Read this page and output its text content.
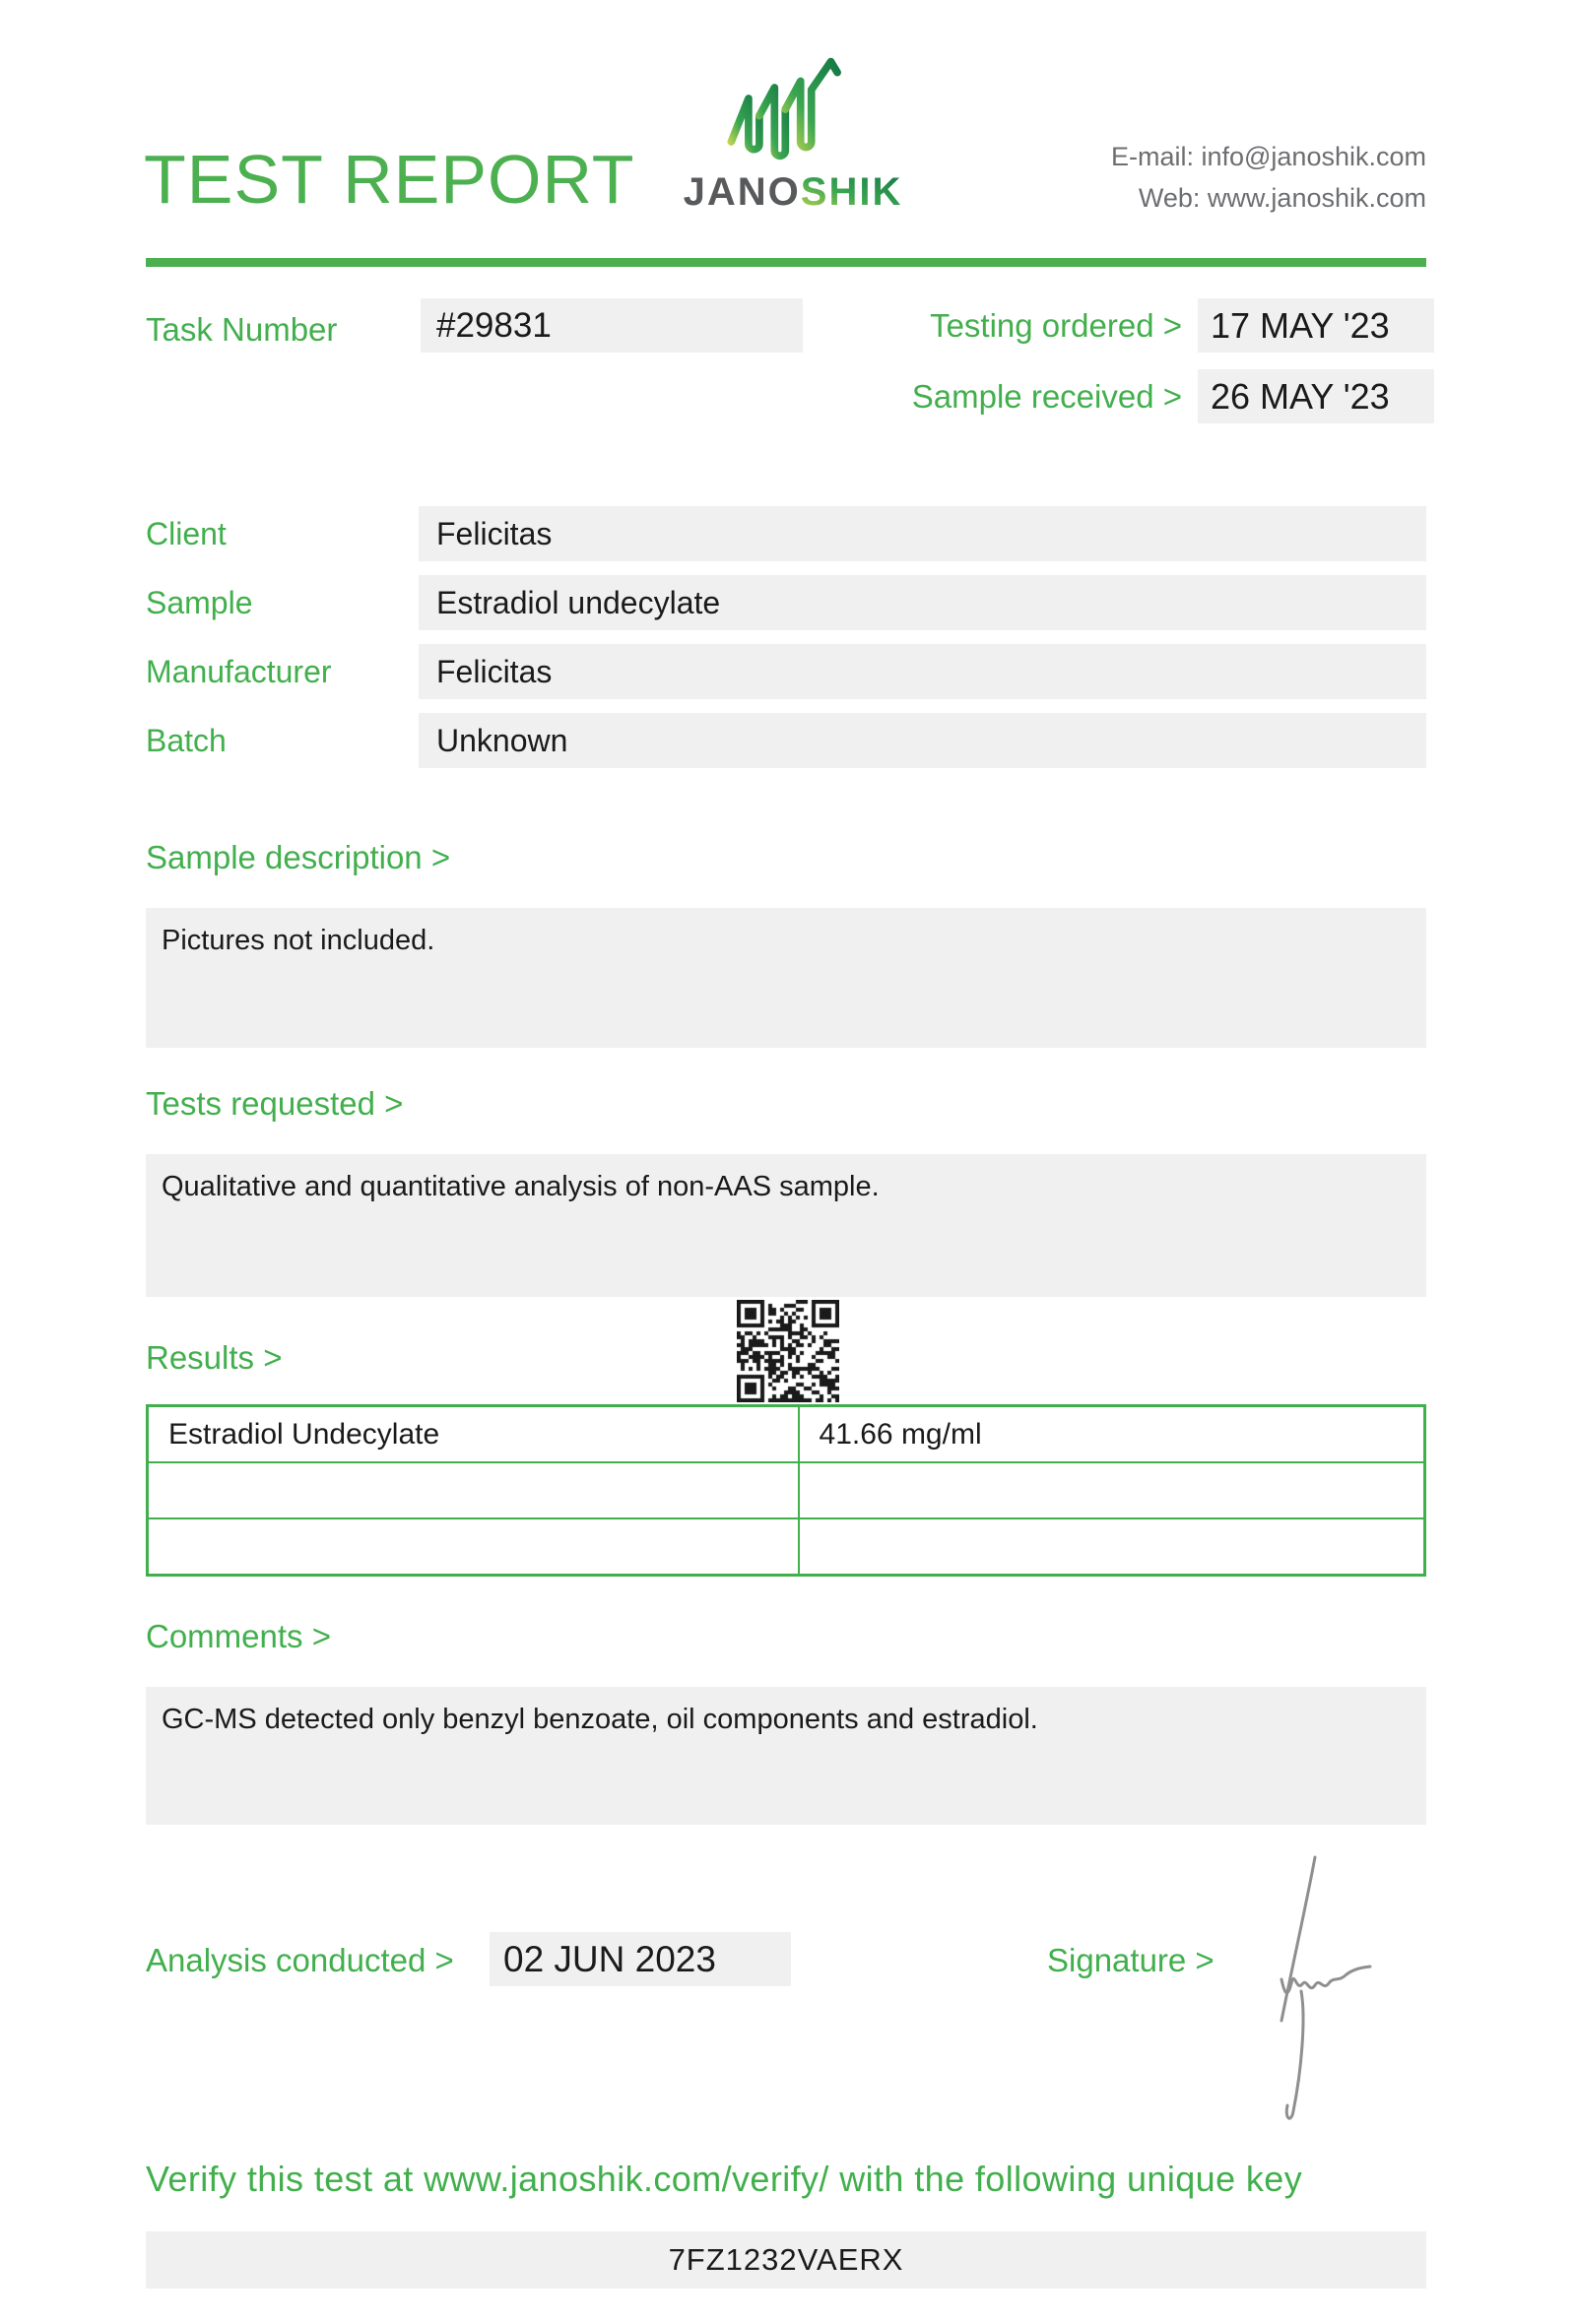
TEST REPORT JANOSHIK
E-mail: info@janoshik.com
Web: www.janoshik.com
Task Number	#29831	Testing ordered > 17 MAY '23
Sample received > 26 MAY '23
Client	Felicitas
Sample	Estradiol undecylate
Manufacturer	Felicitas
Batch	Unknown
Sample description >
Pictures not included.
Tests requested >
Qualitative and quantitative analysis of non-AAS sample.
Results >
Estradiol Undecylate	41.66 mg/ml

Comments >
GC-MS detected only benzyl benzoate, oil components and estradiol.
Analysis conducted >	02 JUN 2023	Signature >
Verify this test at www.janoshik.com/verify/ with the following unique key
7FZ1232VAERX
